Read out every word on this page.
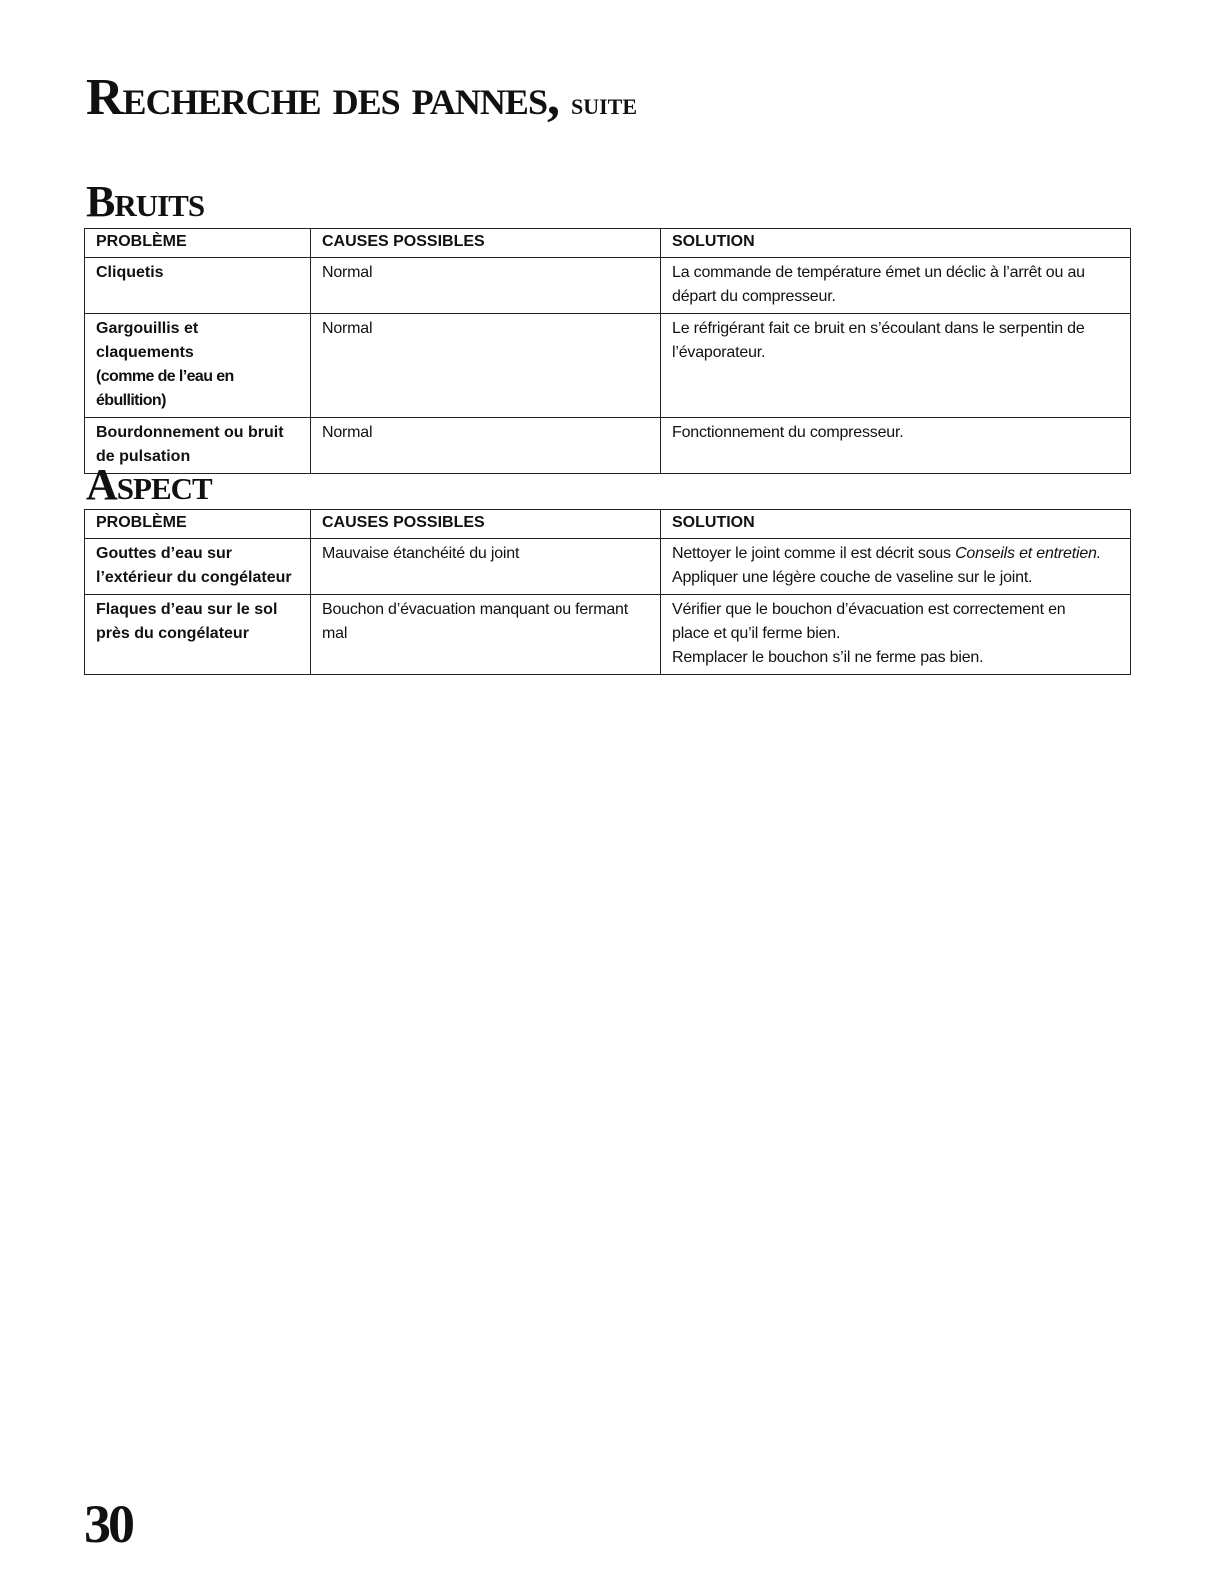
Recherche des pannes, suite
Bruits
PROBLÈME	CAUSES POSSIBLES	SOLUTION

Cliquetis	Normal	La commande de température émet un déclic à l’arrêt ou au
départ du compresseur.

Gargouillis et claquements
(comme de l’eau en ébullition)	Normal	Le réfrigérant fait ce bruit en s’écoulant dans le serpentin de
l’évaporateur.

Bourdonnement ou bruit
de pulsation	Normal	Fonctionnement du compresseur.
Aspect
PROBLÈME	CAUSES POSSIBLES	SOLUTION

Gouttes d’eau sur
l’extérieur du congélateur	Mauvaise étanchéité du joint	Nettoyer le joint comme il est décrit sous Conseils et entretien.
Appliquer une légère couche de vaseline sur le joint.

Flaques d’eau sur le sol
près du congélateur	Bouchon d’évacuation manquant ou fermant
mal	Vérifier que le bouchon d’évacuation est correctement en
place et qu’il ferme bien.
Remplacer le bouchon s’il ne ferme pas bien.

30
